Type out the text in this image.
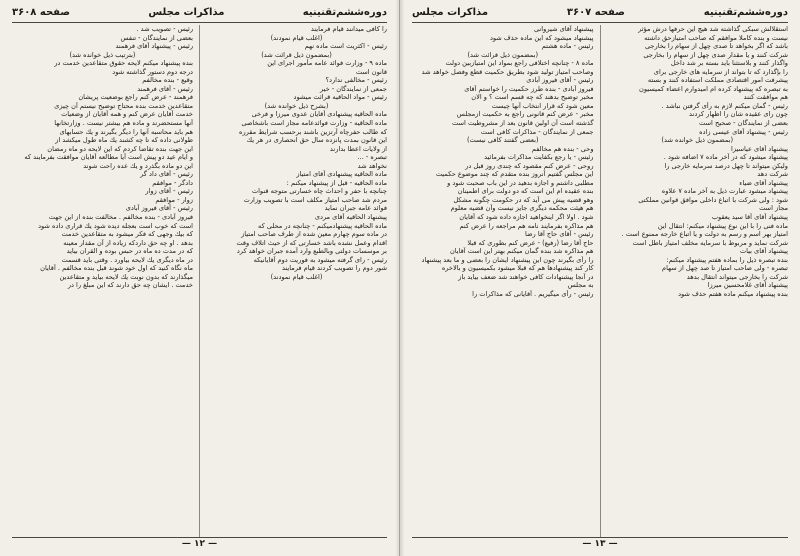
دوره‌ششم‌تقنینیه
مذاکرات مجلس
صفحه ۳۶۰۸
را كافی میدانند قیام فرمایند
(اغلب قیام نمودند)
رئیس - اكثریت است ماده نهم
(بمضمون ذیل قرائت شد)
ماده ۹ - وزارت فوائد عامه مأمور اجرای این
قانون است
رئیس - مخالفی ندارد؟
جمعی از نمایندگان - خیر
رئیس - مواد الحاقیه قرائت میشود
(بشرح ذیل خوانده شد)
ماده الحاقیه پیشنهادی آقایان عدوی میرزا و فرخی
ماده الحاقیه - وزارت فوائدعامه مجاز است باشخاصی
كه طالب حفرچاه آرتزین باشند برحسب شرایط مقرره
این قانون بمدت پانزده سال حق انحصاری در هر یك
از ولایات اعطا بدارند
تبصره - ...
نخواهد شد
ماده الحاقیه پیشنهادی آقای امتیاز
ماده الحاقیه - قبل از پیشنهاد میكنم :
چنانچه با حفر و احداث چاه خسارتی متوجه قنوات
مردم شد صاحب امتیاز مكلف است با تصویب وزارت
فوائد عامه جبران نماید
پیشنهاد الحاقیه آقای مردی
ماده الحاقیه پیشنهادمیكنم - چنانچه در محلی كه
در ماده سوم چهارم معین شده از طرف صاحب امتیاز
اقدام وعمل نشده باشد خسارتی كه از حیث اتلاف وقت
بر موسسات دولتی وبالطبع وارد آمده جبران خواهد كرد
رئیس - رای گرفته میشود به فوریت دوم آقایانیكه
شور دوم را تصویب كردند قیام فرمایند
(اغلب قیام نمودند)
رئیس - تصویب شد .
بعضی از نمایندگان - تنفس
رئیس - پیشنهاد آقای فرهمند
(بترتیب ذیل خوانده شد)
بنده پیشنهاد میكنم لایحه حقوق متقاعدین خدمت در
درجه دوم دستور گذاشته شود
وقیع - بنده مخالفم
رئیس - آقای فرهمند
فرهمند - عرض كنم راجع بوضعیت پریشان
متقاعدین خدمت بنده محتاج توضیح نیستم آن چیزی
خدمت آقایان عرض كنم و همه آقایان از وضعیات
آنها مستحضرند و ماده هم بیشتر نیست . وزارتخانها
هم باید محاسبه آنها را دیگر بگیرند و یك حسابهای
طولانی داده كه تا چه كشند یك ماه طول میكشد از
این جهت بنده تقاضا كردم كه این لایحه دو ماه رمضان
و ایام عید دو پیش است آیا مطالعه آقایان موافقت بفرمایند كه
این دو ماده بگذرد و یك عده راحت شوند
رئیس - آقای داد گر
دادگر - موافقم
رئیس - آقای زوار
زوار - موافقم
رئیس - آقای فیروز آبادی
فیروز آبادی - بنده مخالفم . مخالفت بنده از این جهت
است كه خوب است بعجله دیده شود یك قراری داده شود
كه بیك وجهی كه فكر میشود به متقاعدین خدمت
بدهد . او چه حق داردكه زیاده از آن مقدار معینه
كه در مدت ده ماه در حبس بوده و القران بیاید
در ماه دیگری یك لایحه بیاورد . وقتی باید قسمت
ماه نگاه كنید كه اول خود شوند قبل بنده مخالفم . آقایان
میگذارند كه بدون نوبت یك لایحه بیاید و متقاعدین
خدمت . ایشان چه حق دارند كه این مبلغ را در
— ۱۲ —
دوره‌ششم‌تقنینیه
صفحه ۳۶۰۷
مذاکرات مجلس
استقلالش سبكی گذاشته شد هیچ این حرفها درش مؤثر
نیست و بنده كاملا موافقم كه صاحب امتیازحق داشته
باشد كه اگر بخواهد تا صدی چهل از سهام را بخارجی
شركت كنند و یا مقدار صدی چهل از سهام را بخارجی
واگذار كنند و بلاستثنا باید بسته بر شد داخل
را بإگذارد كه تا بتواند از سرمایه های خارجی برای
پیشرفت امور اقتصادی مملكت استفاده كنند و بسته
به تبصره كه پیشنهاد كرده ام امیدوارم اعضاء كمیسیون
هم موافقت كنند
رئیس - گمان میكنم لازم به رأی گرفتن نباشد .
چون رای عقیده شان را اظهار كردند
بعضی از نمایندگان - صحیح است
رئیس - پیشنهاد آقای عیسی زاده
(بمضمون ذیل خوانده شد)
پیشنهاد آقای عیاسیزا
پیشنهاد میشود كه در آخر ماده ۷ اضافه شود .
ولیكن میتواند تا چهل درصد سرمایه خارجی را
شركت دهد
پیشنهاد آقای ضیاء
پیشنهاد میشود عبارت ذیل به آخر ماده ۷ علاوه
شود : ولی شركت با اتباع داخلی موافق قوانین مملكتی
مجاز است
پیشنهاد آقای آقا سید یعقوب
ماده فنی را با این نوع پیشنهاد میكنم: انتقال این
امتیاز بهر اسم و رسم به دولت و یا اتباع خارجه ممنوع است .
شركت نماید و مربوط با سرمایه مخلف امتیاز باطل است
پیشنهاد آقای بیات
بنده تبصره ذیل را بماده هفتم پیشنهاد میكنم:
تبصره - ولی صاحب امتیاز تا صد چهل از سهام
شركت را بخارجی میتواند انتقال بدهد
پیشنهاد آقای غلامحسین میرزا
بنده پیشنهاد میكنم ماده هفتم حذف شود
پیشنهاد آقای شیروانی
پیشنهاد میشود كه این ماده حذف شود
رئیس - ماده هشتم
(بمضمون ذیل قرائت شد)
ماده ۸ - چنانچه اختلافی راجع بمواد این امتیازبین دولت
وصاحب امتیاز تولید شود بطریق حكمیت قطع وفصل خواهد شد
رئیس - آقای فیروز آبادی
فیروز آبادی - بنده طرز حكمیت را خواستم آقای
مخبر توضیح بدهند كه چه قسم است ؟ و الان
معین شود كه قرار انتخاب آنها چیست
مخبر - عرض كنم قانونی راجع به حكمیت ازمجلس
گذشته است آن اولین قانون بعد از مشروطیت است
جمعی از نمایندگان - مذاكرات كافی است
(بعضی گفتند كافی نیست)
وحی - بنده هم مخالفم
رئیس - یا رجع بكفایت مذاكرات بفرمائید
روحی - عرض كنم مقصود كه چندی روز قبل در
این مجلس گفتیم آنروز بنده متقدم كه چند موضوع حكمیت
مطلبی داشتم و اجازه بدهید در این باب صحبت شود و
بنده عقیده ام این است كه دو دولت برای اطمینان
وهو قضیه پیش می آید كه در حكومت چگونه مشكل
هم هیئت محكمه دیگری جایز نیست وآن قضیه معلوم
شود . اولا اگر اینخواهید اجازه داده شود كه آقایان
هم مذاكره بفرمایند نامه هم مراجعه را عرض كنم
رئیس - آقای حاج آقا رضا
حاج آقا رضا (رفیع) - عرض كنم بطوری كه قبلا
هم مذاكره شد بنده گمان میكنم بهتر این است آقایان
را رأی بگیرند چون این پیشنهاد ایشان را بعضی و ما بعد پیشنهاد
كار كند پیشنهادها هم كه قبلا میشود بكمیسیون و بالاخره
در آنجا پیشنهادات كافی خواهند شد ضعف بیاید باز
به مجلس
رئیس - رأی میگیریم . آقایانی كه مذاكرات را
— ۱۳ —
